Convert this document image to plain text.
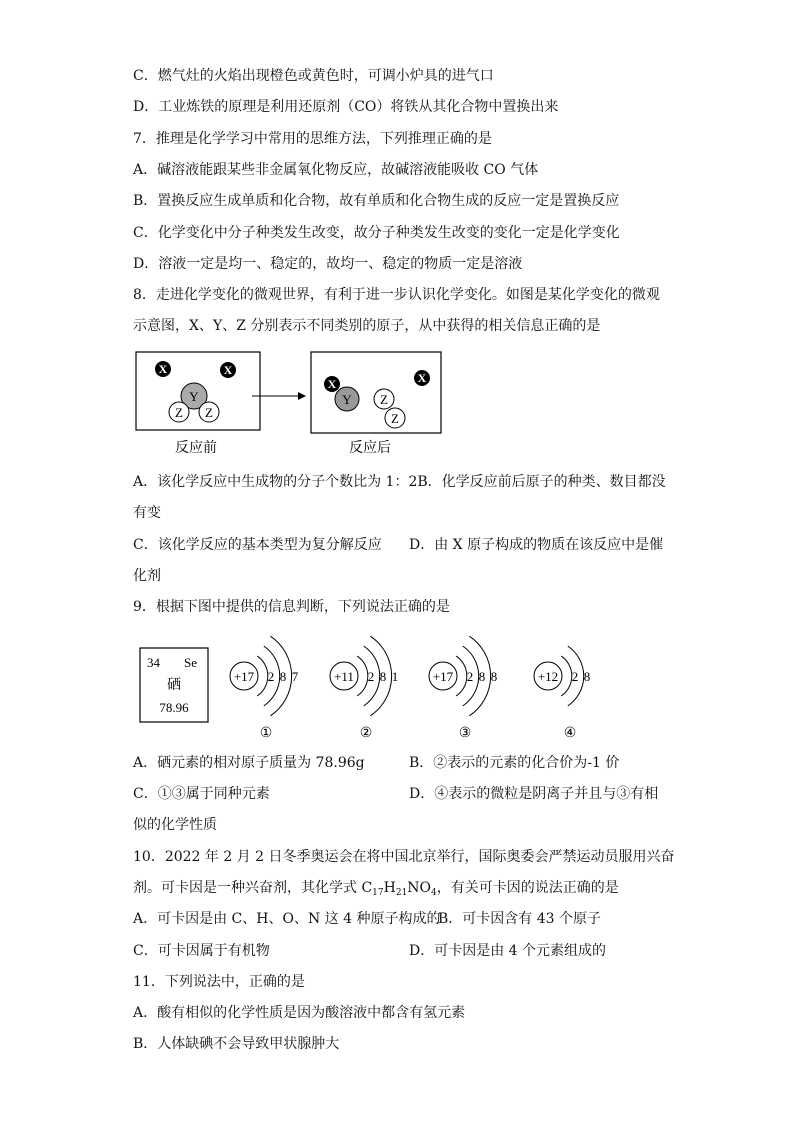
C．燃气灶的火焰出现橙色或黄色时，可调小炉具的进气口
D．工业炼铁的原理是利用还原剂（CO）将铁从其化合物中置换出来
7．推理是化学学习中常用的思维方法，下列推理正确的是
A．碱溶液能跟某些非金属氧化物反应，故碱溶液能吸收 CO 气体
B．置换反应生成单质和化合物，故有单质和化合物生成的反应一定是置换反应
C．化学变化中分子种类发生改变，故分子种类发生改变的变化一定是化学变化
D．溶液一定是均一、稳定的，故均一、稳定的物质一定是溶液
8．走进化学变化的微观世界，有利于进一步认识化学变化。如图是某化学变化的微观
示意图，X、Y、Z 分别表示不同类别的原子，从中获得的相关信息正确的是
X	X
Y
Z Z
X
Y
X
Z
Z
反应前	反应后
A．该化学反应中生成物的分子个数比为 1：2B．化学反应前后原子的种类、数目都没
有变
C．该化学反应的基本类型为复分解反应 D．由 X 原子构成的物质在该反应中是催
化剂
9．根据下图中提供的信息判断，下列说法正确的是
34 Se
硒
78.96
+17 2 8 7
①
+11 2 8 1
②
+17 2 8 8
③
+12 2 8
④
A．硒元素的相对原子质量为 78.96g	B．②表示的元素的化合价为-1 价
C．①③属于同种元素	D．④表示的微粒是阴离子并且与③有相
似的化学性质
10．2022 年 2 月 2 日冬季奥运会在将中国北京举行，国际奥委会严禁运动员服用兴奋
剂。可卡因是一种兴奋剂，其化学式 $C_{17}H_{21}NO_4$，有关可卡因的说法正确的是
A．可卡因是由 C、H、O、N 这 4 种原子构成的
B．可卡因含有 43 个原子
C．可卡因属于有机物	D．可卡因是由 4 个元素组成的
11．下列说法中，正确的是
A．酸有相似的化学性质是因为酸溶液中都含有氢元素
B．人体缺碘不会导致甲状腺肿大
